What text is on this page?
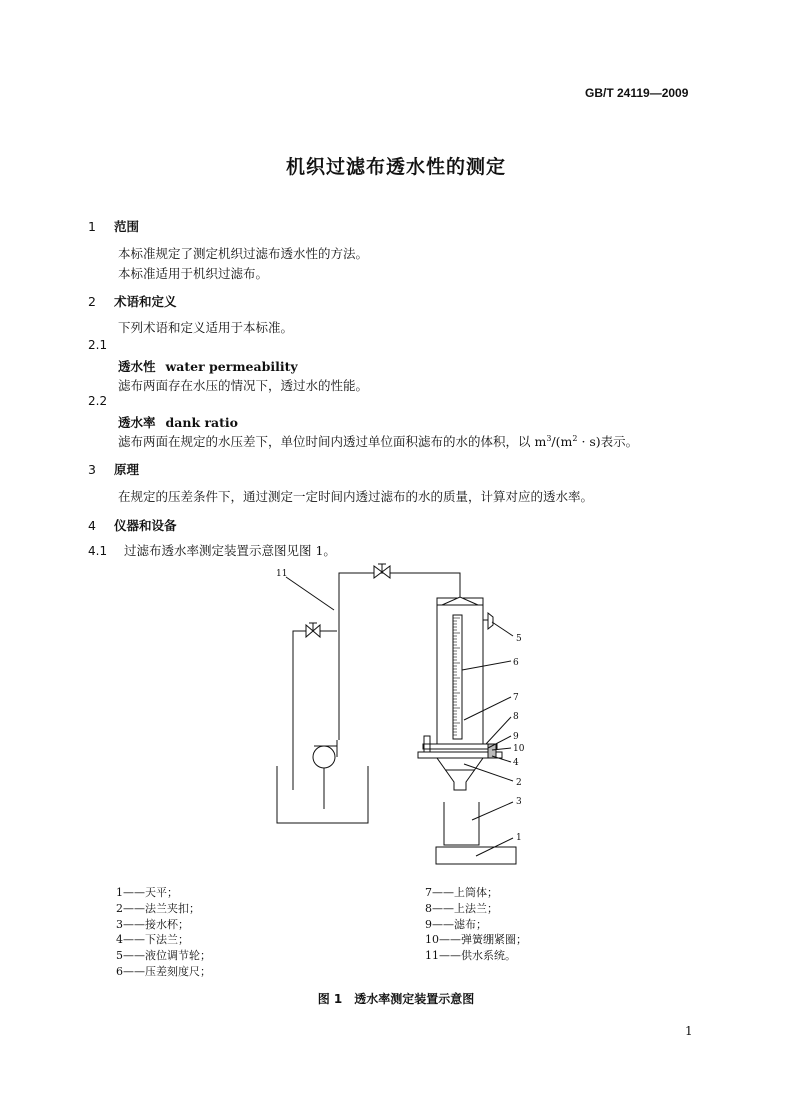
GB/T 24119—2009
机织过滤布透水性的测定
1 范围
本标准规定了测定机织过滤布透水性的方法。
本标准适用于机织过滤布。
2 术语和定义
下列术语和定义适用于本标准。
2.1
透水性 water permeability
滤布两面存在水压的情况下，透过水的性能。
2.2
透水率 dank ratio
滤布两面在规定的水压差下，单位时间内透过单位面积滤布的水的体积，以 $m^3/(m^2 \cdot s)$表示。
3 原理
在规定的压差条件下，通过测定一定时间内透过滤布的水的质量，计算对应的透水率。
4 仪器和设备
4.1 过滤布透水率测定装置示意图见图 1。
11
5
6
7
8
9
10
4
2
3
1
1——天平；
2——法兰夹扣；
3——接水杯；
4——下法兰；
5——液位调节轮；
6——压差刻度尺；
7——上筒体；
8——上法兰；
9——滤布；
10——弹簧绷紧圈；
11——供水系统。
图 1　透水率测定装置示意图
1
